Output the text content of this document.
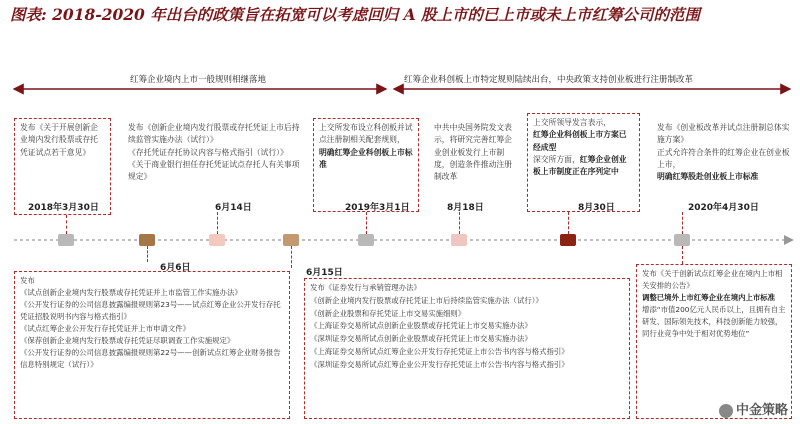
图表: 2018-2020 年出台的政策旨在拓宽可以考虑回归 A 股上市的已上市或未上市红筹公司的范围
红筹企业境内上市一般规则相继落地	红筹企业科创板上市特定规则陆续出台，中央政策支持创业板进行注册制改革

发布《关于开展创新企业境内发行股票或存托凭证试点若干意见》

2018年3月30日

发布《创新企业境内发行股票或存托凭证上市后持续监管实施办法（试行）》

《存托凭证存托协议内容与格式指引（试行）》

《关于商业银行担任存托凭证试点存托人有关事项规定》

6月14日

上交所发布设立科创板并试点注册制相关配套规则，

明确红筹企业科创板上市标准

2019年3月1日

中共中央国务院发文表示，将研究完善红筹企业创业板发行上市制度，创造条件推动注册制改革

8月18日

上交所领导发言表示，

红筹企业科创板上市方案已经成型

深交所方面，

红筹企业创业板上市制度正在序列定中
8月30日

发布《创业板改革并试点注册制总体实施方案》

正式允许符合条件的红筹企业在创业板上市，

明确红筹股赴创业板上市标准

2020年4月30日
6月6日	6月15日

发布

《试点创新企业境内发行股票或存托凭证并上市监管工作实施办法》

《公开发行证券的公司信息披露编报规则第23号——试点红筹企业公开发行存托凭证招股说明书内容与格式指引》

《试点红筹企业公开发行存托凭证并上市申请文件》

《保荐创新企业境内发行股票或存托凭证尽职调查工作实施规定》

《公开发行证券的公司信息披露编报规则第22号——创新试点红筹企业财务报告信息特别规定（试行）》

发布《证券发行与承销管理办法》

《创新企业境内发行股票或存托凭证上市后持续监管实施办法（试行）》

《创新企业股票和存托凭证上市交易实施细则》

《上海证券交易所试点创新企业股票或存托凭证上市交易实施办法》

《深圳证券交易所试点创新企业股票或存托凭证上市交易实施办法》

《上海证券交易所试点红筹企业公开发行存托凭证上市公告书内容与格式指引》

《深圳证券交易所试点红筹企业公开发行存托凭证上市公告书内容与格式指引》

发布《关于创新试点红筹企业在境内上市相关安排的公告》

调整已境外上市红筹企业在境内上市标准

增添“市值200亿元人民币以上，且拥有自主研发、国际领先技术，科技创新能力较强，同行业竞争中处于相对优势地位”

中金策略
